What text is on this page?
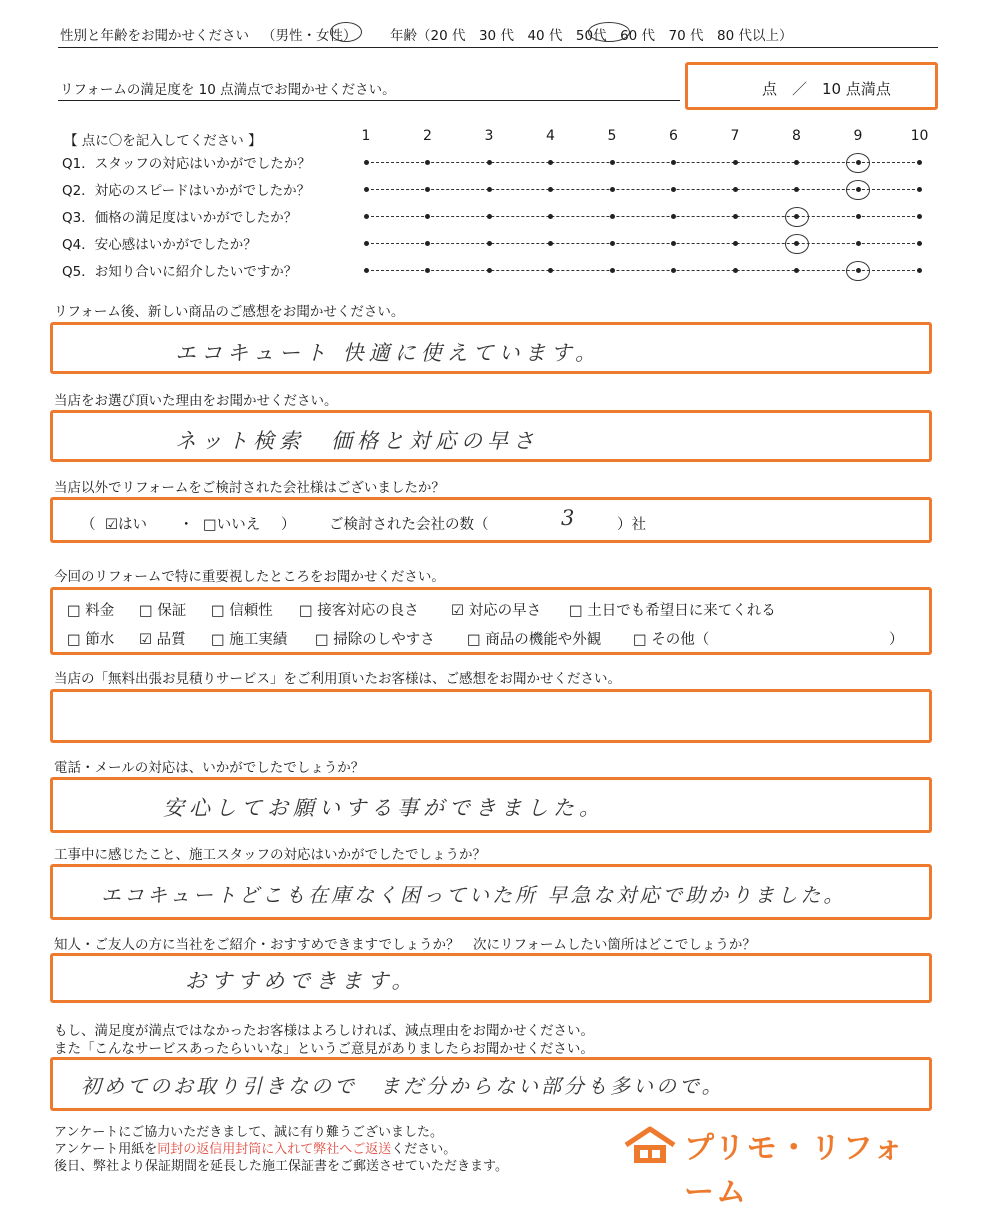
性別と年齢をお聞かせください （男性・女性） 年齢（20 代　30 代　40 代　50代　60 代　70 代　80 代以上）
リフォームの満足度を 10 点満点でお聞かせください。	点　／　10 点満点
【 点に〇を記入してください 】	1	2	3	4	5	6	7	8	9	10
Q1．スタッフの対応はいかがでしたか？
Q2．対応のスピードはいかがでしたか？
Q3．価格の満足度はいかがでしたか？
Q4．安心感はいかがでしたか？
Q5．お知り合いに紹介したいですか？
リフォーム後、新しい商品のご感想をお聞かせください。
エコキュート 快適に使えています。
当店をお選び頂いた理由をお聞かせください。
ネット検索　価格と対応の早さ
当店以外でリフォームをご検討された会社様はございましたか？
（ ☑はい ・ □いいえ ） ご検討された会社の数（	3	）社
今回のリフォームで特に重要視したところをお聞かせください。
□ 料金 □ 保証 □ 信頼性 □ 接客対応の良さ ☑ 対応の早さ □ 土日でも希望日に来てくれる
□ 節水 ☑ 品質 □ 施工実績 □ 掃除のしやすさ □ 商品の機能や外観 □ その他（	）
当店の「無料出張お見積りサービス」をご利用頂いたお客様は、ご感想をお聞かせください。
電話・メールの対応は、いかがでしたでしょうか？
安心してお願いする事ができました。
工事中に感じたこと、施工スタッフの対応はいかがでしたでしょうか？
エコキュートどこも在庫なく困っていた所 早急な対応で助かりました。
知人・ご友人の方に当社をご紹介・おすすめできますでしょうか？　次にリフォームしたい箇所はどこでしょうか？
おすすめできます。
もし、満足度が満点ではなかったお客様はよろしければ、減点理由をお聞かせください。
また「こんなサービスあったらいいな」というご意見がありましたらお聞かせください。
初めてのお取り引きなので　まだ分からない部分も多いので。
アンケートにご協力いただきまして、誠に有り難うございました。
アンケート用紙を同封の返信用封筒に入れて弊社へご返送ください。
後日、弊社より保証期間を延長した施工保証書をご郵送させていただきます。
プリモ・リフォーム
